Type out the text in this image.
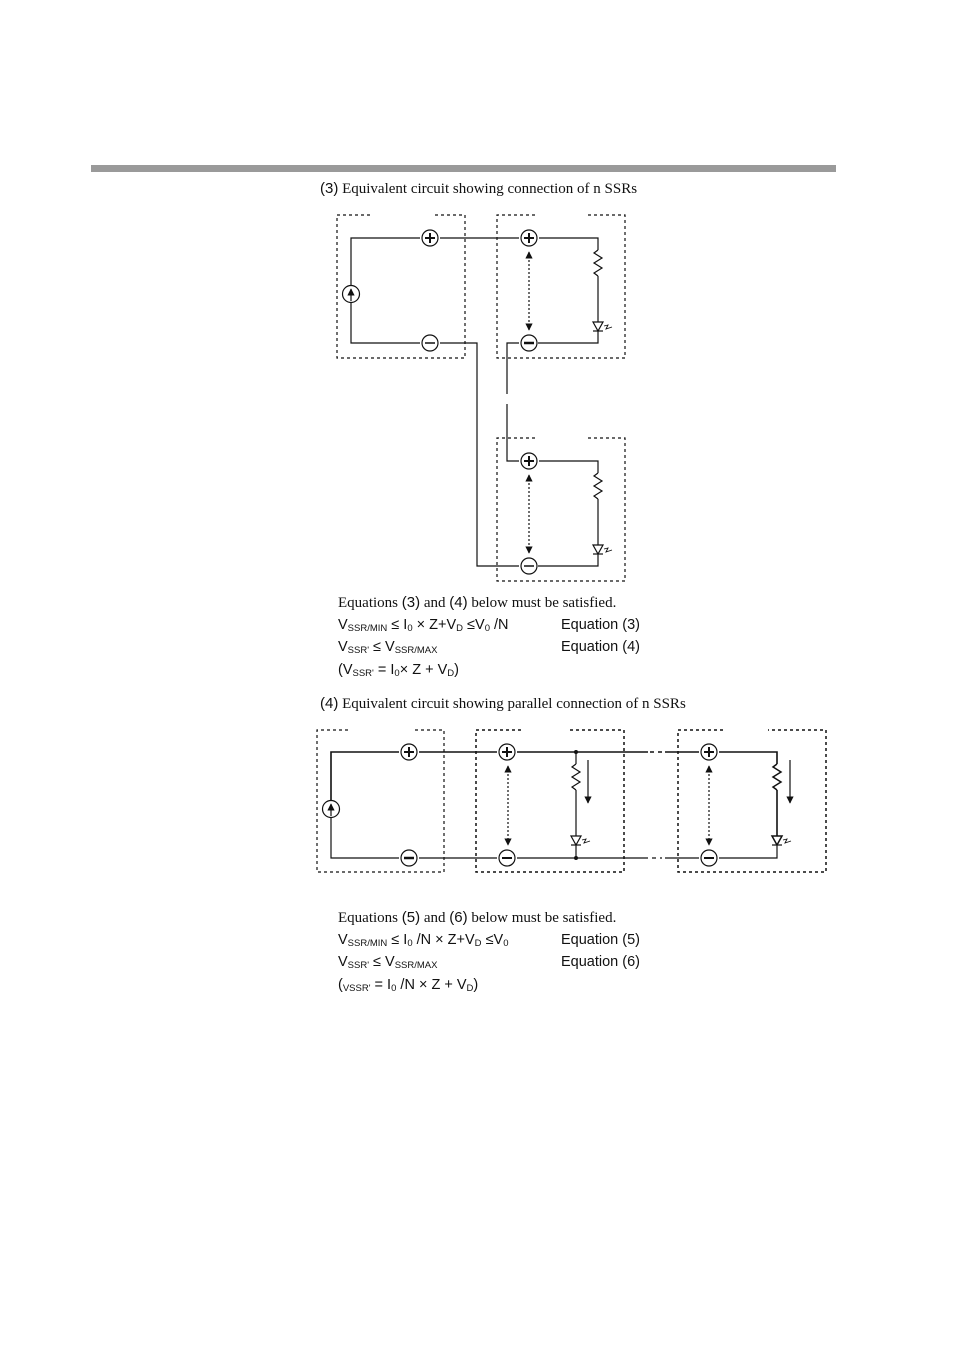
(3) Equivalent circuit showing connection of n SSRs
Equations (3) and (4) below must be satisfied.
VSSR/MIN ≤ I0 × Z+VD ≤V0 /N	Equation (3)
VSSR' ≤ VSSR/MAX	Equation (4)
(VSSR' = I0× Z + VD)
(4) Equivalent circuit showing parallel connection of n SSRs
Equations (5) and (6) below must be satisfied.
VSSR/MIN ≤ I0 /N × Z+VD ≤V0	Equation (5)
VSSR' ≤ VSSR/MAX	Equation (6)
(VSSR' = I0 /N × Z + VD)
